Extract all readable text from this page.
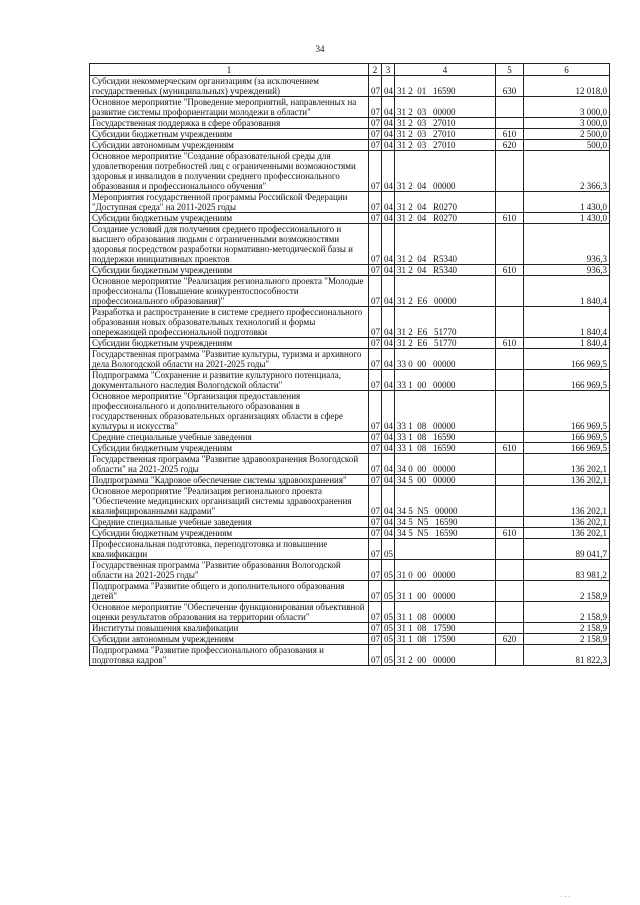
34
1	2	3	4	5	6
Субсидии некоммерческим организациям (за исключением государственных (муниципальных) учреждений)	07	04	31 2  01   16590	630	12 018,0
Основное мероприятие "Проведение мероприятий, направленных на развитие системы профориентации молодежи в области"	07	04	31 2  03   00000		3 000,0
Государственная поддержка в сфере образования	07	04	31 2  03   27010		3 000,0
Субсидии бюджетным учреждениям	07	04	31 2  03   27010	610	2 500,0
Субсидии автономным учреждениям	07	04	31 2  03   27010	620	500,0
Основное мероприятие "Создание образовательной среды для удовлетворения потребностей лиц с ограниченными возможностями здоровья и инвалидов в получении среднего профессионального образования и профессионального обучения"	07	04	31 2  04   00000		2 366,3
Мероприятия государственной программы Российской Федерации "Доступная среда" на 2011-2025 годы	07	04	31 2  04   R0270		1 430,0
Субсидии бюджетным учреждениям	07	04	31 2  04   R0270	610	1 430,0
Создание условий для получения среднего профессионального и высшего образования людьми с ограниченными возможностями здоровья посредством разработки нормативно-методической базы и поддержки инициативных проектов	07	04	31 2  04   R5340		936,3
Субсидии бюджетным учреждениям	07	04	31 2  04   R5340	610	936,3
Основное мероприятие "Реализация регионального проекта "Молодые профессионалы (Повышение конкурентоспособности профессионального образования)"	07	04	31 2  E6   00000		1 840,4
Разработка и распространение в системе среднего профессионального образования новых образовательных технологий и формы опережающей профессиональной подготовки	07	04	31 2  E6   51770		1 840,4
Субсидии бюджетным учреждениям	07	04	31 2  E6   51770	610	1 840,4
Государственная программа "Развитие культуры, туризма и архивного дела Вологодской области на 2021-2025 годы"	07	04	33 0  00   00000		166 969,5
Подпрограмма "Сохранение и развитие культурного потенциала, документального наследия Вологодской области"	07	04	33 1  00   00000		166 969,5
Основное мероприятие "Организация предоставления профессионального и дополнительного образования в государственных образовательных организациях области в сфере культуры и искусства"	07	04	33 1  08   00000		166 969,5
Средние специальные учебные заведения	07	04	33 1  08   16590		166 969,5
Субсидии бюджетным учреждениям	07	04	33 1  08   16590	610	166 969,5
Государственная программа "Развитие здравоохранения Вологодской области" на 2021-2025 годы	07	04	34 0  00   00000		136 202,1
Подпрограмма "Кадровое обеспечение системы здравоохранения"	07	04	34 5  00   00000		136 202,1
Основное мероприятие "Реализация регионального проекта "Обеспечение медицинских организаций системы здравоохранения квалифицированными кадрами"	07	04	34 5  N5   00000		136 202,1
Средние специальные учебные заведения	07	04	34 5  N5   16590		136 202,1
Субсидии бюджетным учреждениям	07	04	34 5  N5   16590	610	136 202,1
Профессиональная подготовка, переподготовка и повышение квалификации	07	05			89 041,7
Государственная программа "Развитие образования Вологодской области на 2021-2025 годы"	07	05	31 0  00   00000		83 981,2
Подпрограмма "Развитие общего и дополнительного образования детей"	07	05	31 1  00   00000		2 158,9
Основное мероприятие "Обеспечение функционирования объективной оценки результатов образования на территории области"	07	05	31 1  08   00000		2 158,9
Институты повышения квалификации	07	05	31 1  08   17590		2 158,9
Субсидии автономным учреждениям	07	05	31 1  08   17590	620	2 158,9
Подпрограмма "Развитие профессионального образования и подготовка кадров"	07	05	31 2  00   00000		81 822,3
· · ·
